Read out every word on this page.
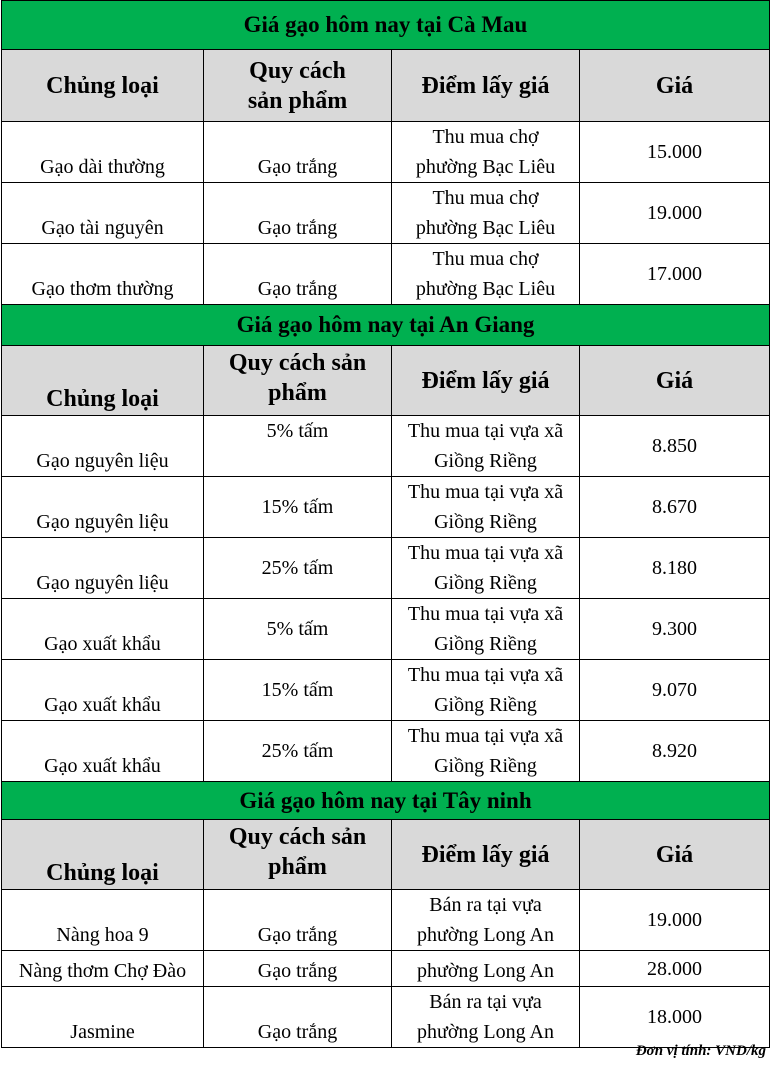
Giá gạo hôm nay tại Cà Mau			
Chủng loại	Quy cách sản phẩm	Điểm lấy giá	Giá
Gạo dài thường	Gạo trắng	Thu mua chợ phường Bạc Liêu	15.000
Gạo tài nguyên	Gạo trắng	Thu mua chợ phường Bạc Liêu	19.000
Gạo thơm thường	Gạo trắng	Thu mua chợ phường Bạc Liêu	17.000
Giá gạo hôm nay tại An Giang			
Chủng loại	Quy cách sản phẩm	Điểm lấy giá	Giá
Gạo nguyên liệu	5% tấm	Thu mua tại vựa xã Giồng Riềng	8.850
Gạo nguyên liệu	15% tấm	Thu mua tại vựa xã Giồng Riềng	8.670
Gạo nguyên liệu	25% tấm	Thu mua tại vựa xã Giồng Riềng	8.180
Gạo xuất khẩu	5% tấm	Thu mua tại vựa xã Giồng Riềng	9.300
Gạo xuất khẩu	15% tấm	Thu mua tại vựa xã Giồng Riềng	9.070
Gạo xuất khẩu	25% tấm	Thu mua tại vựa xã Giồng Riềng	8.920
Giá gạo hôm nay tại Tây ninh			
Chủng loại	Quy cách sản phẩm	Điểm lấy giá	Giá
Nàng hoa 9	Gạo trắng	Bán ra tại vựa phường Long An	19.000
Nàng thơm Chợ Đào	Gạo trắng	phường Long An	28.000
Jasmine	Gạo trắng	Bán ra tại vựa phường Long An	18.000
Đơn vị tính: VND/kg
